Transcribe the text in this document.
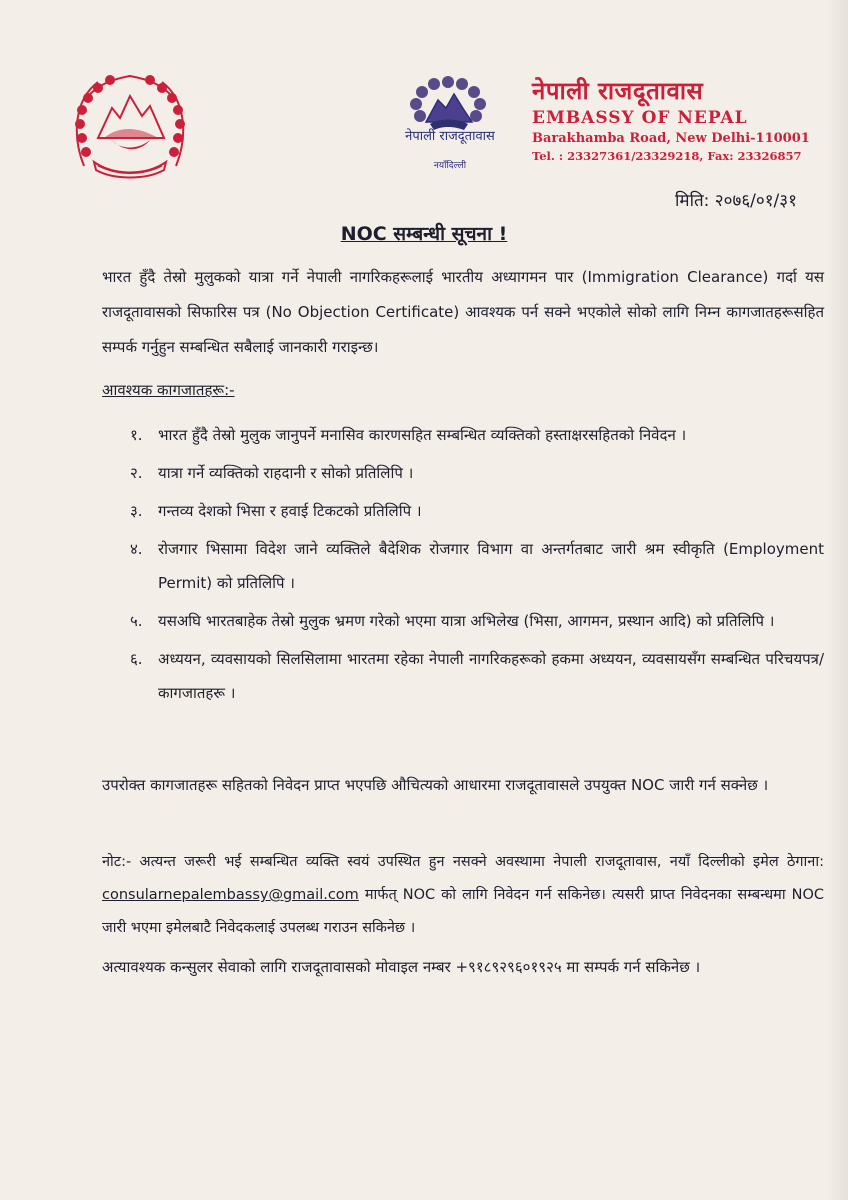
नेपाली राजदूतावास
नयाँदिल्ली
नेपाली राजदूतावास
EMBASSY OF NEPAL
Barakhamba Road, New Delhi-110001
Tel. : 23327361/23329218, Fax: 23326857
मिति: २०७६/०१/३१
NOC सम्बन्धी सूचना !
भारत हुँदै तेस्रो मुलुकको यात्रा गर्ने नेपाली नागरिकहरूलाई भारतीय अध्यागमन पार (Immigration Clearance) गर्दा यस राजदूतावासको सिफारिस पत्र (No Objection Certificate) आवश्यक पर्न सक्ने भएकोले सोको लागि निम्न कागजातहरूसहित सम्पर्क गर्नुहुन सम्बन्धित सबैलाई जानकारी गराइन्छ।
आवश्यक कागजातहरू:-
१. भारत हुँदै तेस्रो मुलुक जानुपर्ने मनासिव कारणसहित सम्बन्धित व्यक्तिको हस्ताक्षरसहितको निवेदन ।
२. यात्रा गर्ने व्यक्तिको राहदानी र सोको प्रतिलिपि ।
३. गन्तव्य देशको भिसा र हवाई टिकटको प्रतिलिपि ।
४. रोजगार भिसामा विदेश जाने व्यक्तिले बैदेशिक रोजगार विभाग वा अन्तर्गतबाट जारी श्रम स्वीकृति (Employment Permit) को प्रतिलिपि ।
५. यसअघि भारतबाहेक तेस्रो मुलुक भ्रमण गरेको भएमा यात्रा अभिलेख (भिसा, आगमन, प्रस्थान आदि) को प्रतिलिपि ।
६. अध्ययन, व्यवसायको सिलसिलामा भारतमा रहेका नेपाली नागरिकहरूको हकमा अध्ययन, व्यवसायसँग सम्बन्धित परिचयपत्र/कागजातहरू ।
उपरोक्त कागजातहरू सहितको निवेदन प्राप्त भएपछि औचित्यको आधारमा राजदूतावासले उपयुक्त NOC जारी गर्न सक्नेछ ।
नोट:- अत्यन्त जरूरी भई सम्बन्धित व्यक्ति स्वयं उपस्थित हुन नसक्ने अवस्थामा नेपाली राजदूतावास, नयाँ दिल्लीको इमेल ठेगाना: consularnepalembassy@gmail.com मार्फत् NOC को लागि निवेदन गर्न सकिनेछ। त्यसरी प्राप्त निवेदनका सम्बन्धमा NOC जारी भएमा इमेलबाटै निवेदकलाई उपलब्ध गराउन सकिनेछ ।
अत्यावश्यक कन्सुलर सेवाको लागि राजदूतावासको मोवाइल नम्बर +९१८९२९६०१९२५ मा सम्पर्क गर्न सकिनेछ ।
